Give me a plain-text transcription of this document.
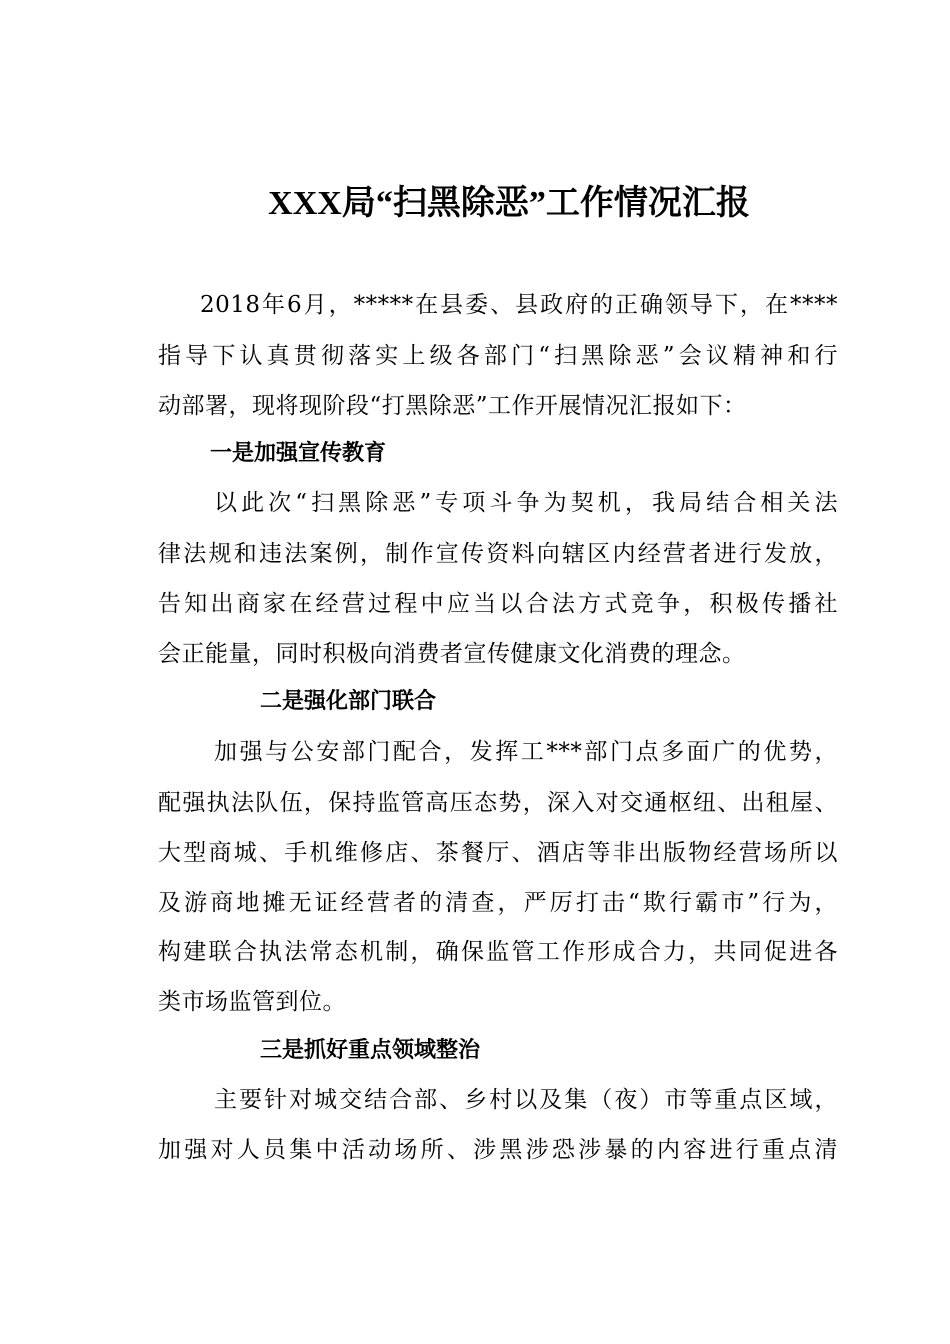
XXX局“扫黑除恶”工作情况汇报
2018年6月，*****在县委、县政府的正确领导下，在****
指导下认真贯彻落实上级各部门“扫黑除恶”会议精神和行
动部署，现将现阶段“打黑除恶”工作开展情况汇报如下：
一是加强宣传教育
以此次“扫黑除恶”专项斗争为契机，我局结合相关法
律法规和违法案例，制作宣传资料向辖区内经营者进行发放，
告知出商家在经营过程中应当以合法方式竞争，积极传播社
会正能量，同时积极向消费者宣传健康文化消费的理念。
二是强化部门联合
加强与公安部门配合，发挥工***部门点多面广的优势，
配强执法队伍，保持监管高压态势，深入对交通枢纽、出租屋、
大型商城、手机维修店、茶餐厅、酒店等非出版物经营场所以
及游商地摊无证经营者的清查，严厉打击“欺行霸市”行为，
构建联合执法常态机制，确保监管工作形成合力，共同促进各
类市场监管到位。
三是抓好重点领域整治
主要针对城交结合部、乡村以及集（夜）市等重点区域，
加强对人员集中活动场所、涉黑涉恐涉暴的内容进行重点清
